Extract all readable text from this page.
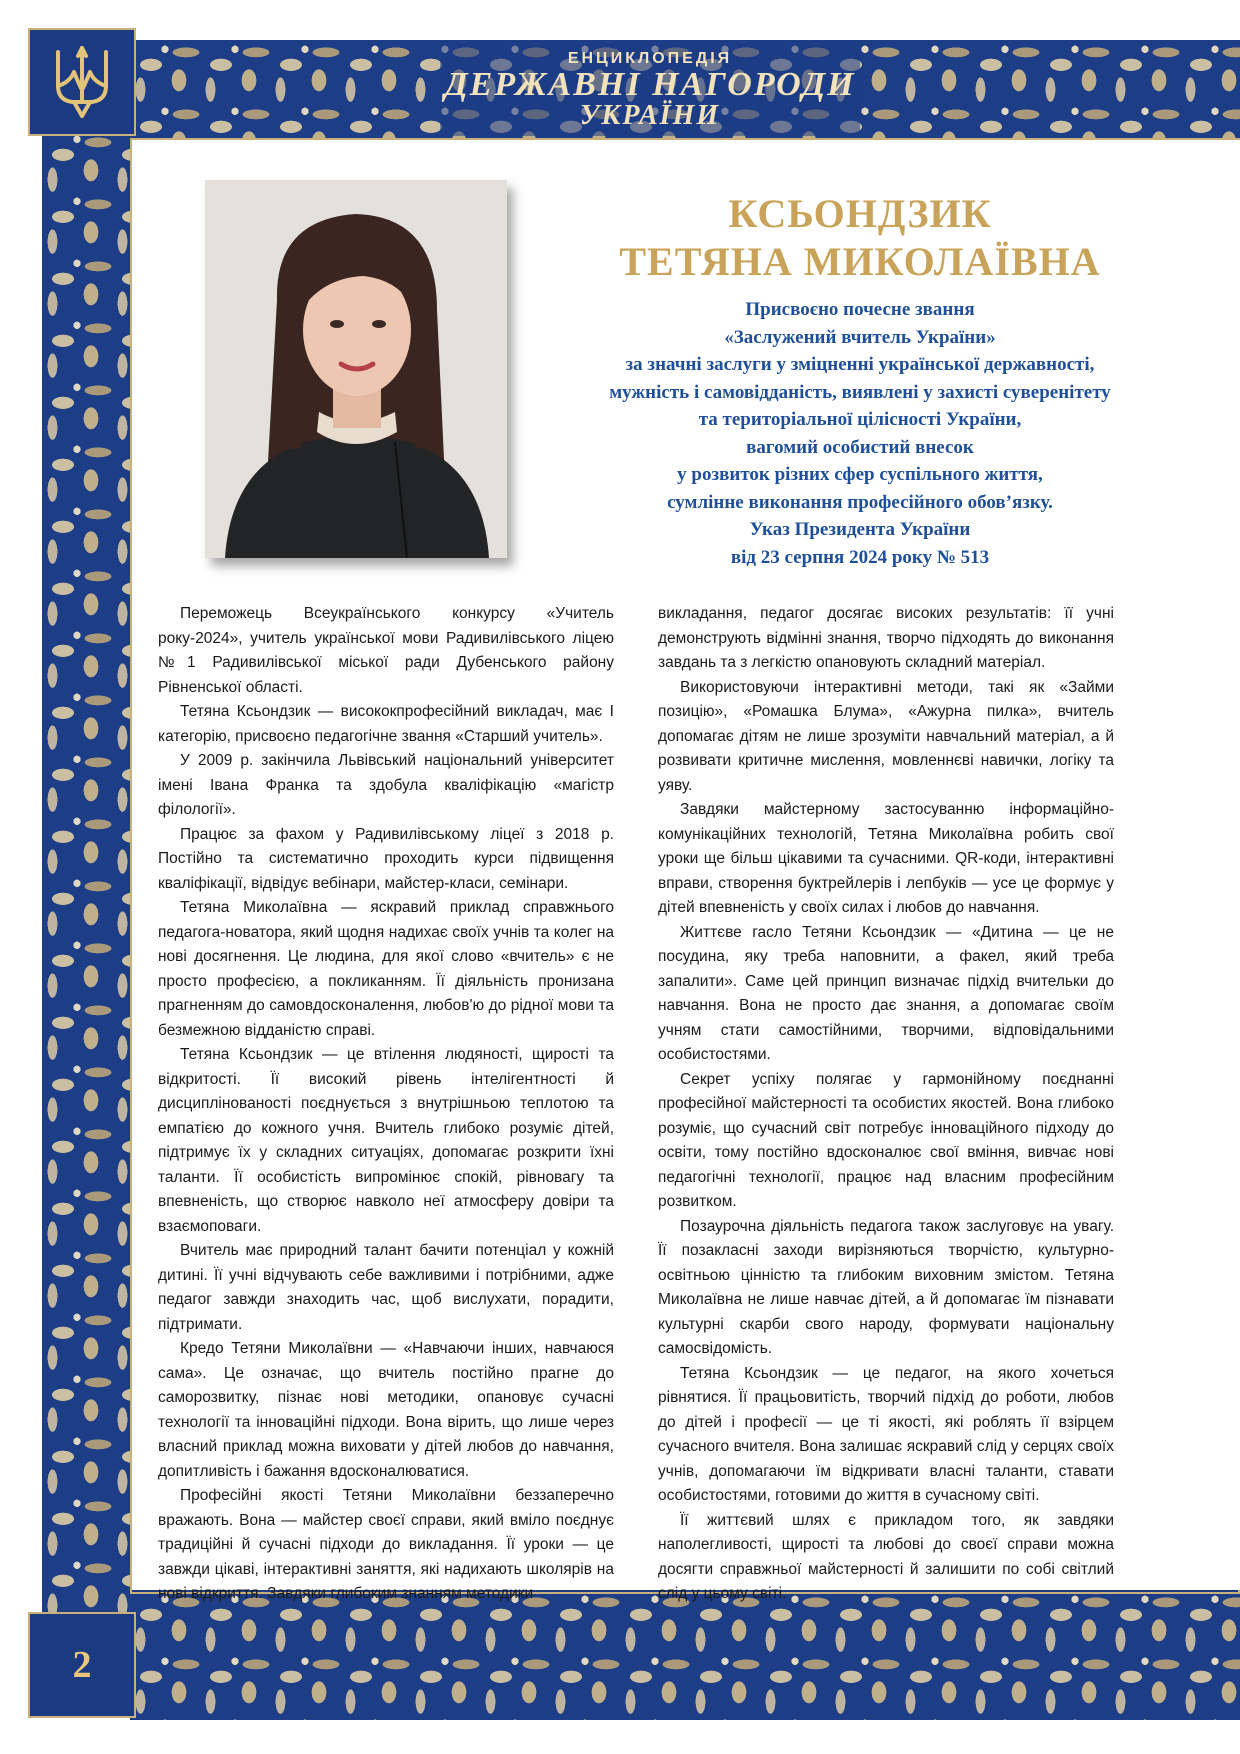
ЕНЦИКЛОПЕДІЯ
ДЕРЖАВНІ НАГОРОДИ
УКРАЇНИ
2
КСЬОНДЗИК
ТЕТЯНА МИКОЛАЇВНА
Присвоєно почесне звання
«Заслужений вчитель України»
за значні заслуги у зміцненні української державності,
мужність і самовідданість, виявлені у захисті суверенітету
та територіальної цілісності України,
вагомий особистий внесок
у розвиток різних сфер суспільного життя,
сумлінне виконання професійного обов’язку.
Указ Президента України
від 23 серпня 2024 року № 513

Переможець Всеукраїнського конкурсу «Учитель року-2024», учитель української мови Радивилівського ліцею №1 Радивилівської міської ради Дубенського району Рівненської області.

Тетяна Ксьондзик — висококпрофесійний викладач, має І категорію, присвоєно педагогічне звання «Старший учитель».

У 2009 р. закінчила Львівський національний університет імені Івана Франка та здобула кваліфікацію «магістр філології».

Працює за фахом у Радивилівському ліцеї з 2018 р. Постійно та систематично проходить курси підвищення кваліфікації, відвідує вебінари, майстер-класи, семінари.

Тетяна Миколаївна — яскравий приклад справжнього педагога-новатора, який щодня надихає своїх учнів та колег на нові досягнення. Це людина, для якої слово «вчитель» є не просто професією, а покликанням. Її діяльність пронизана прагненням до самовдосконалення, любов'ю до рідної мови та безмежною відданістю справі.

Тетяна Ксьондзик — це втілення людяності, щирості та відкритості. Її високий рівень інтелігентності й дисциплінованості поєднується з внутрішньою теплотою та емпатією до кожного учня. Вчитель глибоко розуміє дітей, підтримує їх у складних ситуаціях, допомагає розкрити їхні таланти. Її особистість випромінює спокій, рівновагу та впевненість, що створює навколо неї атмосферу довіри та взаємоповаги.

Вчитель має природний талант бачити потенціал у кожній дитині. Її учні відчувають себе важливими і потрібними, адже педагог завжди знаходить час, щоб вислухати, порадити, підтримати.

Кредо Тетяни Миколаївни — «Навчаючи інших, навчаюся сама». Це означає, що вчитель постійно прагне до саморозвитку, пізнає нові методики, опановує сучасні технології та інноваційні підходи. Вона вірить, що лише через власний приклад можна виховати у дітей любов до навчання, допитливість і бажання вдосконалюватися.

Професійні якості Тетяни Миколаївни беззаперечно вражають. Вона — майстер своєї справи, який вміло поєднує традиційні й сучасні підходи до викладання. Її уроки — це завжди цікаві, інтерактивні заняття, які надихають школярів на нові відкриття. Завдяки глибоким знанням методики

викладання, педагог досягає високих результатів: її учні демонструють відмінні знання, творчо підходять до виконання завдань та з легкістю опановують складний матеріал.

Використовуючи інтерактивні методи, такі як «Займи позицію», «Ромашка Блума», «Ажурна пилка», вчитель допомагає дітям не лише зрозуміти навчальний матеріал, а й розвивати критичне мислення, мовленнєві навички, логіку та уяву.

Завдяки майстерному застосуванню інформаційно-комунікаційних технологій, Тетяна Миколаївна робить свої уроки ще більш цікавими та сучасними. QR-коди, інтерактивні вправи, створення буктрейлерів і лепбуків — усе це формує у дітей впевненість у своїх силах і любов до навчання.

Життєве гасло Тетяни Ксьондзик — «Дитина — це не посудина, яку треба наповнити, а факел, який треба запалити». Саме цей принцип визначає підхід вчительки до навчання. Вона не просто дає знання, а допомагає своїм учням стати самостійними, творчими, відповідальними особистостями.

Секрет успіху полягає у гармонійному поєднанні професійної майстерності та особистих якостей. Вона глибоко розуміє, що сучасний світ потребує інноваційного підходу до освіти, тому постійно вдосконалює свої вміння, вивчає нові педагогічні технології, працює над власним професійним розвитком.

Позаурочна діяльність педагога також заслуговує на увагу. Її позакласні заходи вирізняються творчістю, культурно-освітньою цінністю та глибоким виховним змістом. Тетяна Миколаївна не лише навчає дітей, а й допомагає їм пізнавати культурні скарби свого народу, формувати національну самосвідомість.

Тетяна Ксьондзик — це педагог, на якого хочеться рівнятися. Її працьовитість, творчий підхід до роботи, любов до дітей і професії — це ті якості, які роблять її взірцем сучасного вчителя. Вона залишає яскравий слід у серцях своїх учнів, допомагаючи їм відкривати власні таланти, ставати особистостями, готовими до життя в сучасному світі.

Її життєвий шлях є прикладом того, як завдяки наполегливості, щирості та любові до своєї справи можна досягти справжньої майстерності й залишити по собі світлий слід у цьому світі.
